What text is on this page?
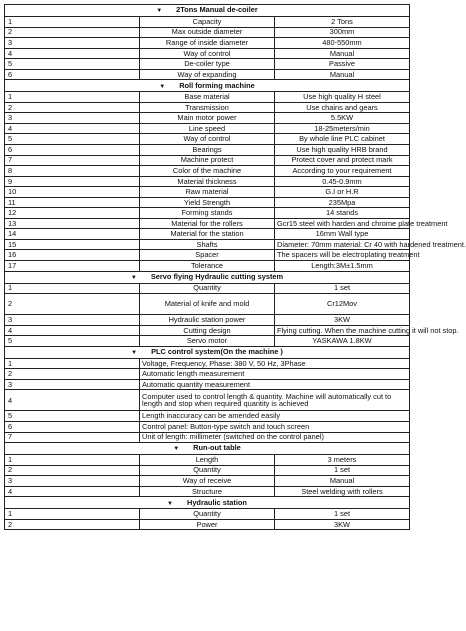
▼ 2Tons Manual de-coiler		
1	Capacity	2 Tons
2	Max outside diameter	300mm
3	Range of inside diameter	480-550mm
4	Way of control	Manual
5	De-coiler type	Passive
6	Way of expanding	Manual
▼ Roll forming machine		
1	Base material	Use high quality H steel
2	Transmission	Use chains and gears
3	Main motor power	5.5KW
4	Line speed	18-25meters/min
5	Way of control	By whole line PLC cabinet
6	Bearings	Use high quality HRB brand
7	Machine protect	Protect cover and protect mark
8	Color of the machine	According to your requirement
9	Material thickness	0.45-0.9mm
10	Raw material	G.I or H.R
11	Yield Strength	235Mpa
12	Forming stands	14 stands
13	Material for the rollers	Gcr15 steel with harden and chrome plate treatment
14	Material for the station	16mm Wall type
15	Shafts	Diameter: 70mm material: Cr 40 with hardened treatment.
16	Spacer	The spacers will be electroplating treatment
17	Tolerance	Length:3M±1.5mm
▼ Servo flying Hydraulic cutting system		
1	Quantity	1 set
2	Material of knife and mold	Cr12Mov
3	Hydraulic station power	3KW
4	Cutting design	Flying cutting. When the machine cutting it will not stop.
5	Servo motor	YASKAWA 1.8KW
▼ PLC control system(On the machine )		
1	Voltage, Frequency, Phase: 380 V, 50 Hz, 3Phase	
2	Automatic length measurement	
3	Automatic quantity measurement	
4	Computer used to control length & quantity. Machine will automatically cut to length and stop when required quantity is achieved	
5	Length inaccuracy can be amended easily	
6	Control panel: Button-type switch and touch screen	
7	Unit of length: millimeter (switched on the control panel)	
▼ Run-out table		
1	Length	3 meters
2	Quantity	1 set
3	Way of receive	Manual
4	Structure	Steel welding with rollers
▼ Hydraulic station		
1	Quantity	1 set
2	Power	3KW
